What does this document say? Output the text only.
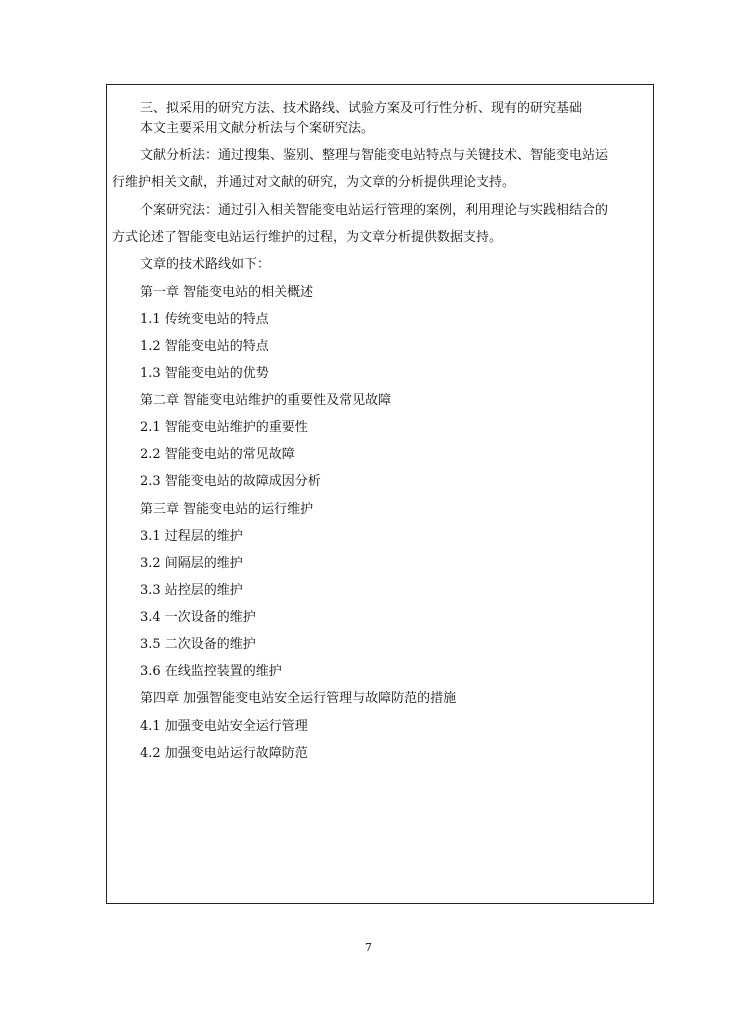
三、拟采用的研究方法、技术路线、试验方案及可行性分析、现有的研究基础
本文主要采用文献分析法与个案研究法。
文献分析法：通过搜集、鉴别、整理与智能变电站特点与关键技术、智能变电站运
行维护相关文献，并通过对文献的研究，为文章的分析提供理论支持。
个案研究法：通过引入相关智能变电站运行管理的案例，利用理论与实践相结合的
方式论述了智能变电站运行维护的过程，为文章分析提供数据支持。
文章的技术路线如下：
第一章 智能变电站的相关概述
1.1 传统变电站的特点
1.2 智能变电站的特点
1.3 智能变电站的优势
第二章 智能变电站维护的重要性及常见故障
2.1 智能变电站维护的重要性
2.2 智能变电站的常见故障
2.3 智能变电站的故障成因分析
第三章 智能变电站的运行维护
3.1 过程层的维护
3.2 间隔层的维护
3.3 站控层的维护
3.4 一次设备的维护
3.5 二次设备的维护
3.6 在线监控装置的维护
第四章 加强智能变电站安全运行管理与故障防范的措施
4.1 加强变电站安全运行管理
4.2 加强变电站运行故障防范
7
